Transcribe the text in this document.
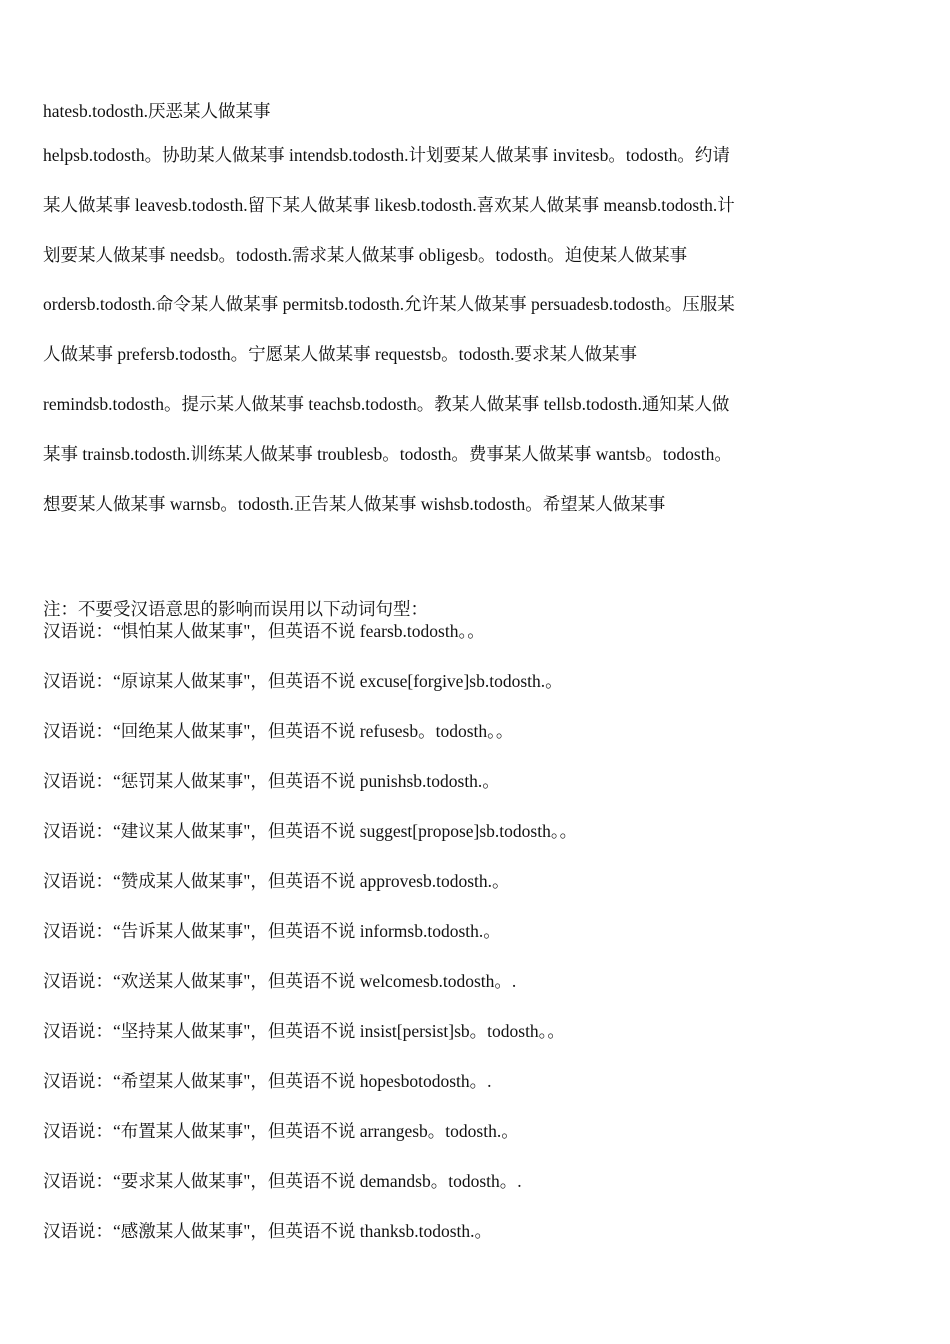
hatesb.todosth.厌恶某人做某事
helpsb.todosth。协助某人做某事 intendsb.todosth.计划要某人做某事 invitesb。todosth。约请
某人做某事 leavesb.todosth.留下某人做某事 likesb.todosth.喜欢某人做某事 meansb.todosth.计
划要某人做某事 needsb。todosth.需求某人做某事 obligesb。todosth。迫使某人做某事
ordersb.todosth.命令某人做某事 permitsb.todosth.允许某人做某事 persuadesb.todosth。压服某
人做某事 prefersb.todosth。宁愿某人做某事 requestsb。todosth.要求某人做某事
remindsb.todosth。提示某人做某事 teachsb.todosth。教某人做某事 tellsb.todosth.通知某人做
某事 trainsb.todosth.训练某人做某事 troublesb。todosth。费事某人做某事 wantsb。todosth。
想要某人做某事 warnsb。todosth.正告某人做某事 wishsb.todosth。希望某人做某事
注：不要受汉语意思的影响而误用以下动词句型：
汉语说：“惧怕某人做某事"，但英语不说 fearsb.todosth。。
汉语说：“原谅某人做某事"，但英语不说 excuse[forgive]sb.todosth.。
汉语说：“回绝某人做某事"，但英语不说 refusesb。todosth。。
汉语说：“惩罚某人做某事"，但英语不说 punishsb.todosth.。
汉语说：“建议某人做某事"，但英语不说 suggest[propose]sb.todosth。。
汉语说：“赞成某人做某事"，但英语不说 approvesb.todosth.。
汉语说：“告诉某人做某事"，但英语不说 informsb.todosth.。
汉语说：“欢送某人做某事"，但英语不说 welcomesb.todosth。.
汉语说：“坚持某人做某事"，但英语不说 insist[persist]sb。todosth。。
汉语说：“希望某人做某事"，但英语不说 hopesbotodosth。.
汉语说：“布置某人做某事"，但英语不说 arrangesb。todosth.。
汉语说：“要求某人做某事"，但英语不说 demandsb。todosth。.
汉语说：“感激某人做某事"，但英语不说 thanksb.todosth.。
